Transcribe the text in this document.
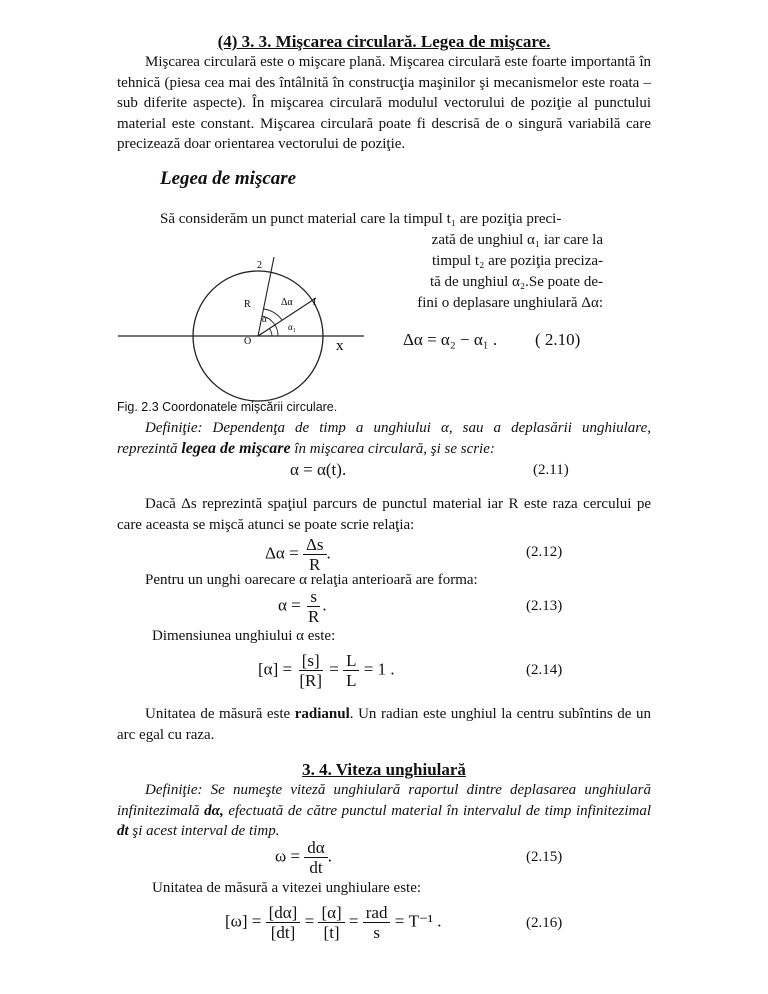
(4) 3. 3. Mişcarea circulară. Legea de mişcare.
Mişcarea circulară este o mişcare plană. Mişcarea circulară este foarte importantă în tehnică (piesa cea mai des întâlnită în construcţia maşinilor şi mecanismelor este roata – sub diferite aspecte). În mişcarea circulară modulul vectorului de poziţie al punctului material este constant. Mişcarea circulară poate fi descrisă de o singură variabilă care precizează doar orientarea vectorului de poziţie.
Legea de mişcare
Să considerăm un punct material care la timpul t₁ are poziţia preci-
zată de unghiul α₁ iar care la
timpul t₂ are poziţia preciza-
tă de unghiul α₂.Se poate de-
fini o deplasare unghiulară Δα:
2
1
R	Δα
α
α₁
O	x	Δα = α₂ − α₁ . ( 2.10)
Fig. 2.3 Coordonatele mişcării circulare.
Definiţie: Dependenţa de timp a unghiului α, sau a deplasării unghiulare, reprezintă legea de mişcare în mişcarea circulară, şi se scrie:
α = α(t).	(2.11)
Dacă Δs reprezintă spaţiul parcurs de punctul material iar R este raza cercului pe care aceasta se mişcă atunci se poate scrie relaţia:
$\Delta\alpha = \frac{\Delta s}{R}$ .	(2.12)
Pentru un unghi oarecare α relaţia anterioară are forma:
$\alpha = \frac{s}{R}$ .	(2.13)
Dimensiunea unghiului α este:
$[\alpha] = \frac{[s]}{[R]} = \frac{L}{L} = 1$ .	(2.14)
Unitatea de măsură este radianul. Un radian este unghiul la centru subîntins de un arc egal cu raza.
3. 4. Viteza unghiulară
Definiţie: Se numeşte viteză unghiulară raportul dintre deplasarea unghiulară infinitezimală dα, efectuată de către punctul material în intervalul de timp infinitezimal dt şi acest interval de timp.
$\omega = \frac{d\alpha}{dt}$ .	(2.15)
Unitatea de măsură a vitezei unghiulare este:
$[\omega] = \frac{[d\alpha]}{[dt]} = \frac{[\alpha]}{[t]} = \frac{\text{rad}}{s} = T^{-1}$ .	(2.16)
